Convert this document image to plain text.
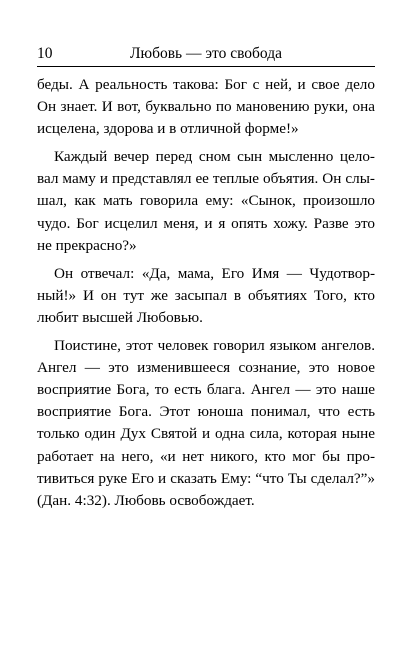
10	Любовь — это свобода
беды. А реальность такова: Бог с ней, и свое дело
Он знает. И вот, буквально по мановению руки, она
исцелена, здорова и в отличной форме!»
Каждый вечер перед сном сын мысленно цело-
вал маму и представлял ее теплые объятия. Он слы-
шал, как мать говорила ему: «Сынок, произошло
чудо. Бог исцелил меня, и я опять хожу. Разве это
не прекрасно?»
Он отвечал: «Да, мама, Его Имя — Чудотвор-
ный!» И он тут же засыпал в объятиях Того, кто
любит высшей Любовью.
Поистине, этот человек говорил языком ангелов.
Ангел — это изменившееся сознание, это новое
восприятие Бога, то есть блага. Ангел — это наше
восприятие Бога. Этот юноша понимал, что есть
только один Дух Святой и одна сила, которая ныне
работает на него, «и нет никого, кто мог бы про-
тивиться руке Его и сказать Ему: “что Ты сделал?”»
(Дан. 4:32). Любовь освобождает.
